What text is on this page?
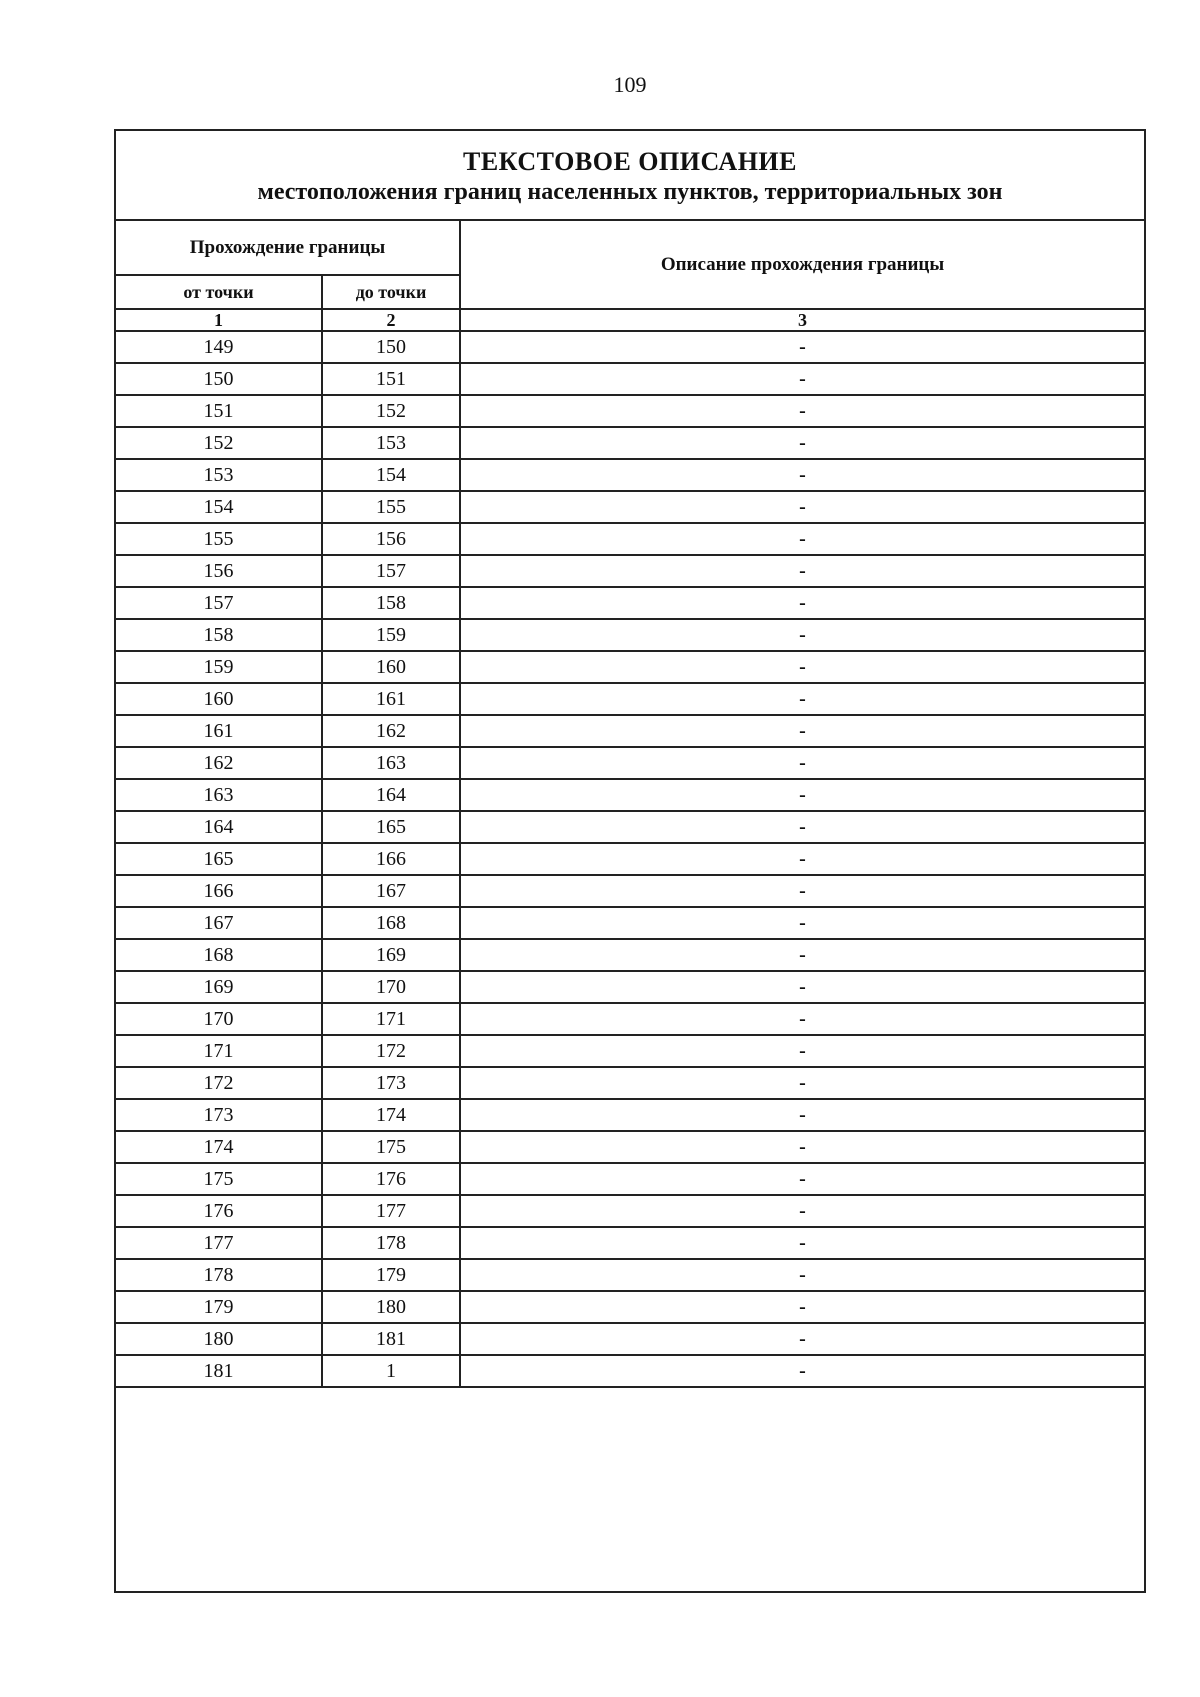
109
ТЕКСТОВОЕ ОПИСАНИЕ
местоположения границ населенных пунктов, территориальных зон
Прохождение границы		Описание прохождения границы
от точки	до точки	
1	2	3
149	150	-
150	151	-
151	152	-
152	153	-
153	154	-
154	155	-
155	156	-
156	157	-
157	158	-
158	159	-
159	160	-
160	161	-
161	162	-
162	163	-
163	164	-
164	165	-
165	166	-
166	167	-
167	168	-
168	169	-
169	170	-
170	171	-
171	172	-
172	173	-
173	174	-
174	175	-
175	176	-
176	177	-
177	178	-
178	179	-
179	180	-
180	181	-
181	1	-
